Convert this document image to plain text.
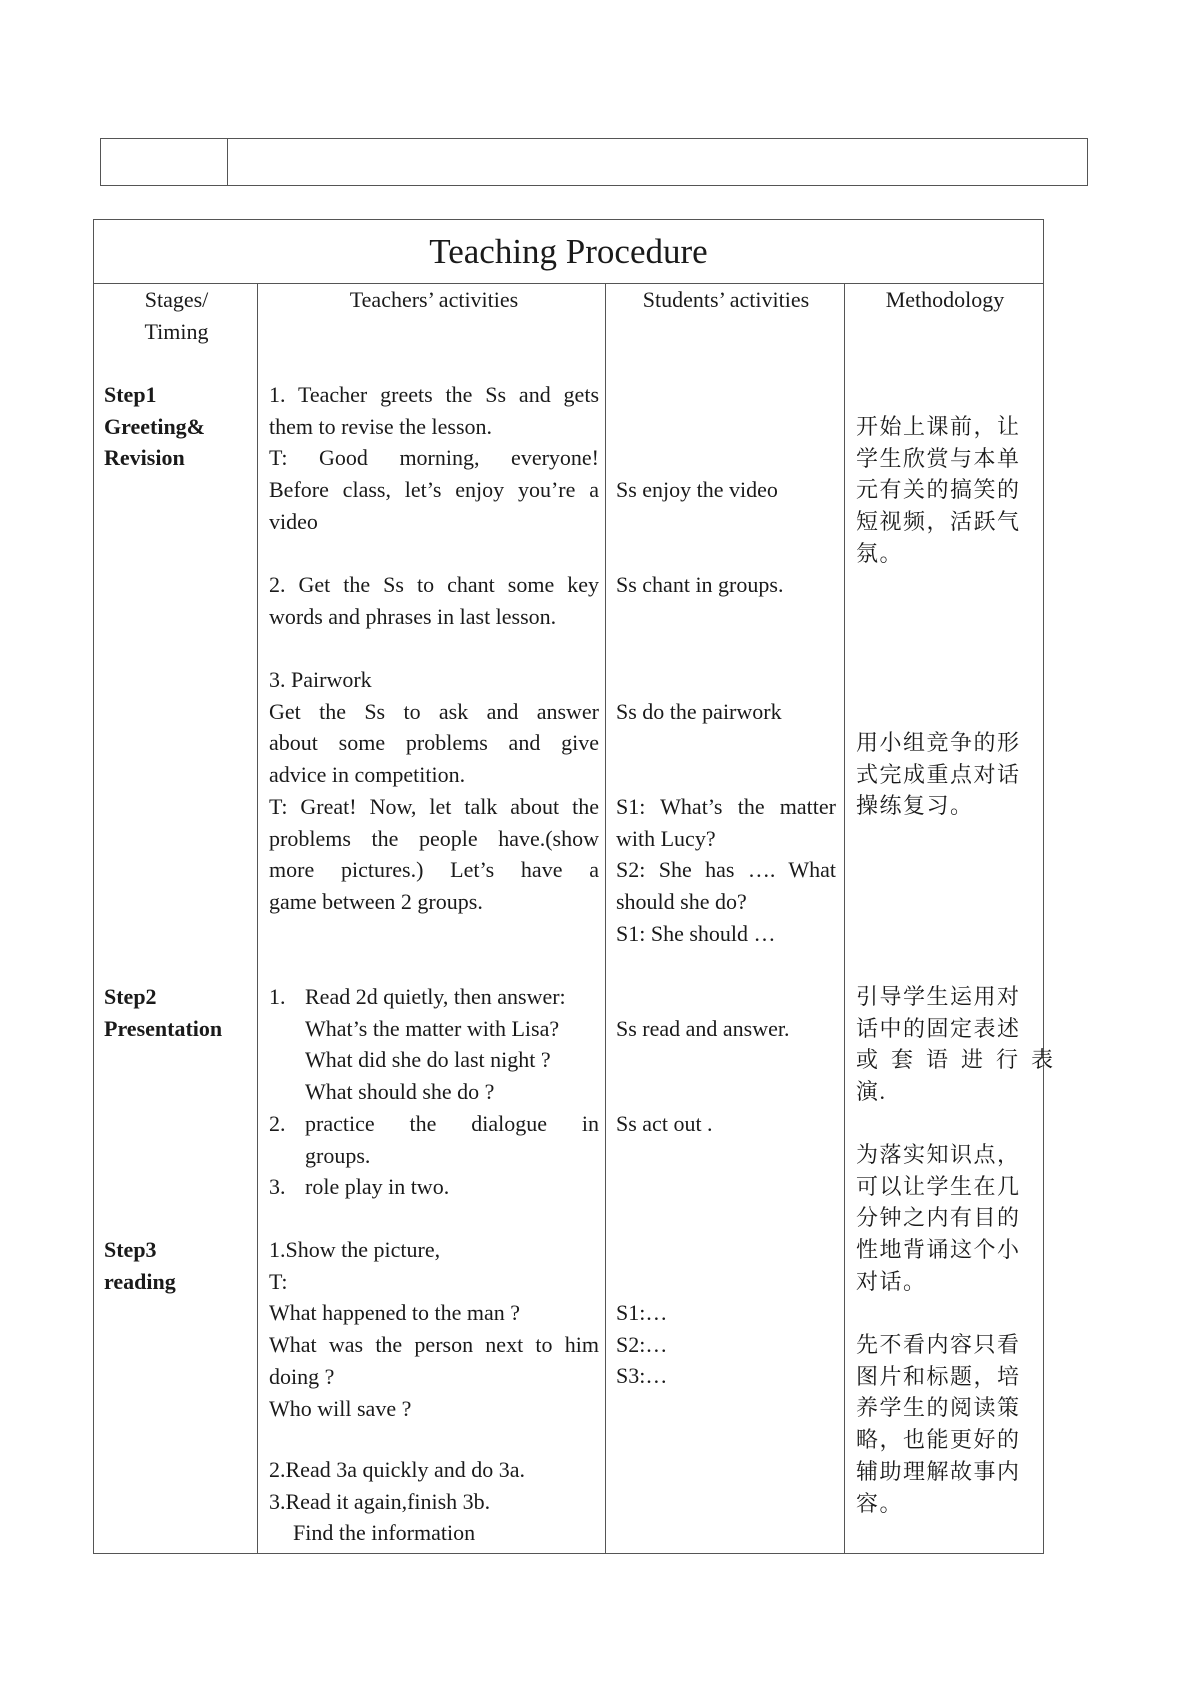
Teaching Procedure
Stages/
Timing
Step1
Greeting&
Revision
Step2
Presentation
Step3
reading
Teachers’ activities
1. Teacher greets the Ss and gets
them to revise the lesson.
T: Good morning, everyone!
Before class, let’s enjoy you’re a
video
2. Get the Ss to chant some key
words and phrases in last lesson.
3. Pairwork
Get the Ss to ask and answer
about some problems and give
advice in competition.
T: Great! Now, let talk about the
problems the people have.(show
more pictures.) Let’s have a
game between 2 groups.
1. Read 2d quietly, then answer:
What’s the matter with Lisa?
What did she do last night ?
What should she do ?
2. practice the dialogue in
groups.
3. role play in two.
1.Show the picture,
T:
What happened to the man ?
What was the person next to him
doing ?
Who will save ?
2.Read 3a quickly and do 3a.
3.Read it again,finish 3b.
Find the information
Students’ activities
Ss enjoy the video
Ss chant in groups.
Ss do the pairwork
S1: What’s the matter
with Lucy?
S2: She has …. What
should she do?
S1: She should …
Ss read and answer.
Ss act out .
S1:…
S2:…
S3:…
Methodology
开始上课前，让
学生欣赏与本单
元有关的搞笑的
短视频，活跃气
氛。
用小组竞争的形
式完成重点对话
操练复习。
引导学生运用对
话中的固定表述
或套语进行表
演.
为落实知识点，
可以让学生在几
分钟之内有目的
性地背诵这个小
对话。
先不看内容只看
图片和标题，培
养学生的阅读策
略，也能更好的
辅助理解故事内
容。
